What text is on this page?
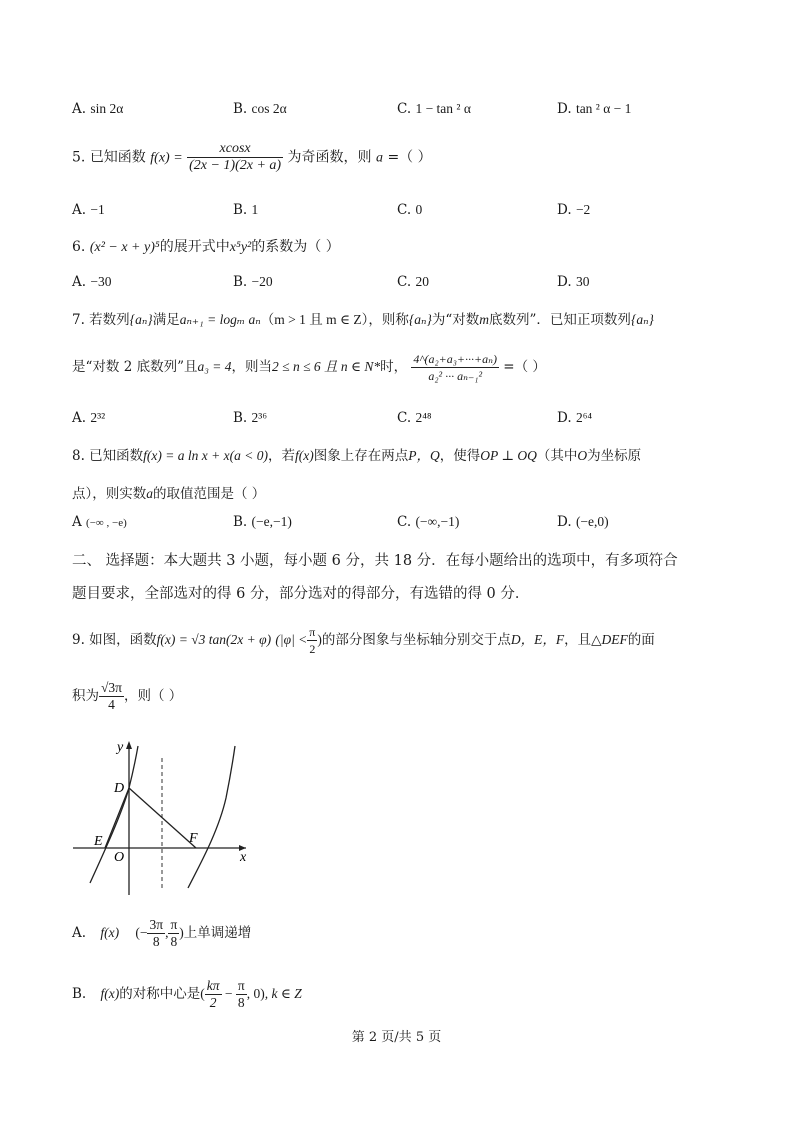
A. sin 2α	B. cos 2α	C. 1 − tan ² α	D. tan ² α − 1
5. 已知函数 $f(x) = \frac{xcosx}{(2x - 1)(2x + a)}$ 为奇函数，则 a =（ ）
A. −1	B. 1	C. 0	D. −2
6. (x² − x + y)⁵的展开式中x⁵y²的系数为（ ）
A. −30	B. −20	C. 20	D. 30
7. 若数列{aₙ}满足aₙ₊₁ = logₘ aₙ（m > 1 且 m ∈ Z），则称{aₙ}为“对数m底数列”．已知正项数列{aₙ}
是“对数 2 底数列”且a₃ = 4，则当2 ≤ n ≤ 6 且 n ∈ N*时， $\frac{\text{4\textasciicircum{}(a₂+a₃+···+aₙ)}}{\text{a₂² ··· aₙ₋₁²}}$ =（ ）
A. 2³²	B. 2³⁶	C. 2⁴⁸	D. 2⁶⁴
8. 已知函数f(x) = a ln x + x(a < 0)，若f(x)图象上存在两点P，Q，使得OP ⊥ OQ（其中O为坐标原
点），则实数a的取值范围是（ ）
A (−∞ , −e)	B. (−e,−1)	C. (−∞,−1)	D. (−e,0)
二、 选择题：本大题共 3 小题，每小题 6 分，共 18 分．在每小题给出的选项中，有多项符合
题目要求，全部选对的得 6 分，部分选对的得部分，有选错的得 0 分．
9. 如图，函数f(x) = √3 tan(2x + φ) ($|\varphi| < \frac{\pi}{2}$ )的部分图象与坐标轴分别交于点D，E，F，且△DEF的面
积为 $\frac{√3\pi}{4}$ ，则（ ）
y
x
D
E	F
O
A. f(x) (− $\frac{3\pi}{8}$ , $\frac{\pi}{8}$ )上单调递增
B. f(x)的对称中心是( $\frac{k\pi}{2} - \frac{\pi}{8}$ , 0), k ∈ Z
第 2 页/共 5 页
